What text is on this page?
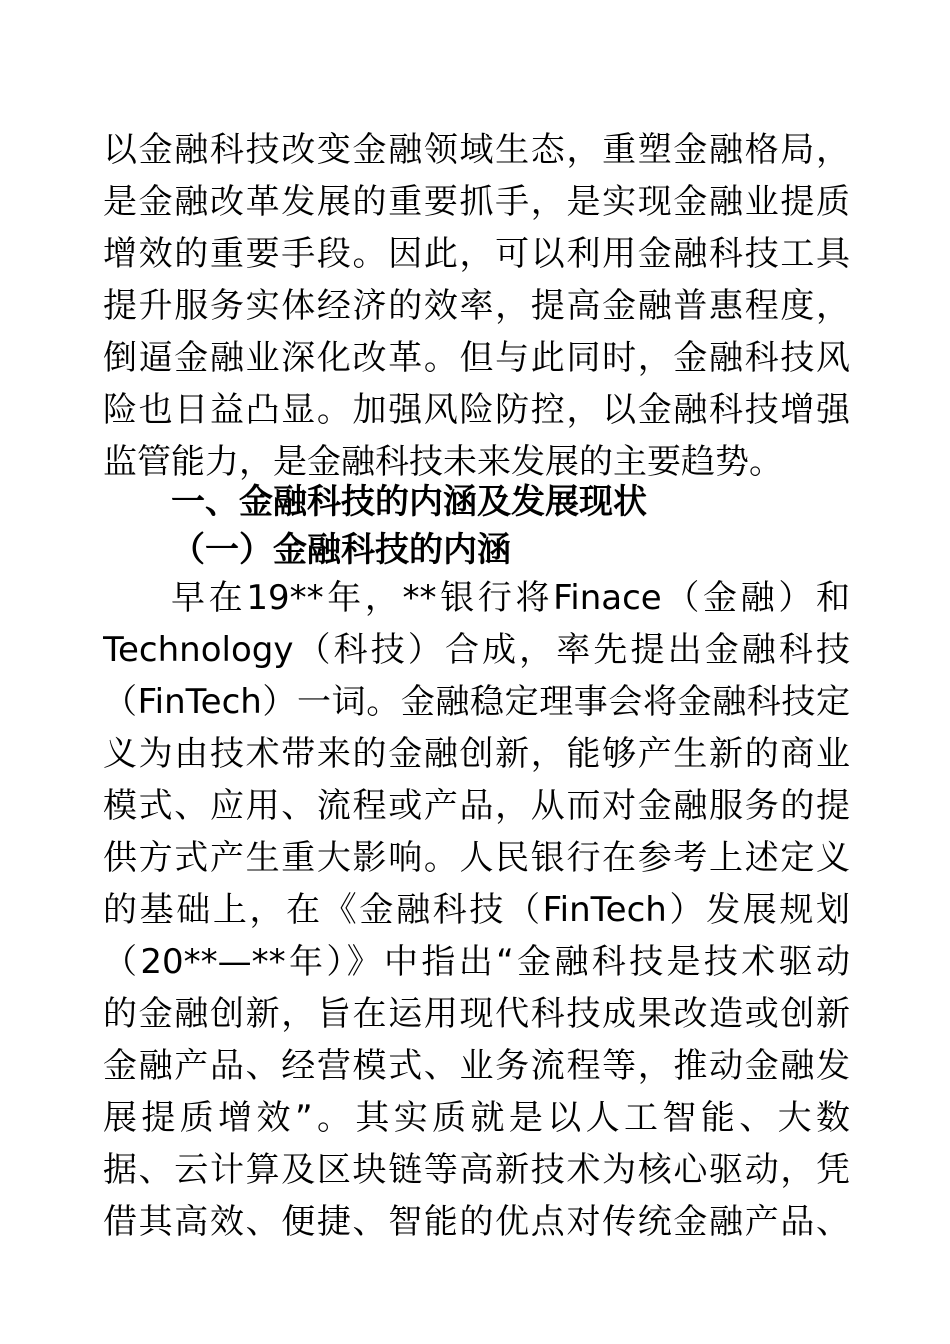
以金融科技改变金融领域生态，重塑金融格局，
是金融改革发展的重要抓手，是实现金融业提质
增效的重要手段。因此，可以利用金融科技工具
提升服务实体经济的效率，提高金融普惠程度，
倒逼金融业深化改革。但与此同时，金融科技风
险也日益凸显。加强风险防控，以金融科技增强
监管能力，是金融科技未来发展的主要趋势。
一、金融科技的内涵及发展现状
（一）金融科技的内涵
早在19**年，**银行将Finace（金融）和
Technology（科技）合成，率先提出金融科技
（FinTech）一词。金融稳定理事会将金融科技定
义为由技术带来的金融创新，能够产生新的商业
模式、应用、流程或产品，从而对金融服务的提
供方式产生重大影响。人民银行在参考上述定义
的基础上，在《金融科技（FinTech）发展规划
（20**—**年）》中指出“金融科技是技术驱动
的金融创新，旨在运用现代科技成果改造或创新
金融产品、经营模式、业务流程等，推动金融发
展提质增效”。其实质就是以人工智能、大数
据、云计算及区块链等高新技术为核心驱动，凭
借其高效、便捷、智能的优点对传统金融产品、
